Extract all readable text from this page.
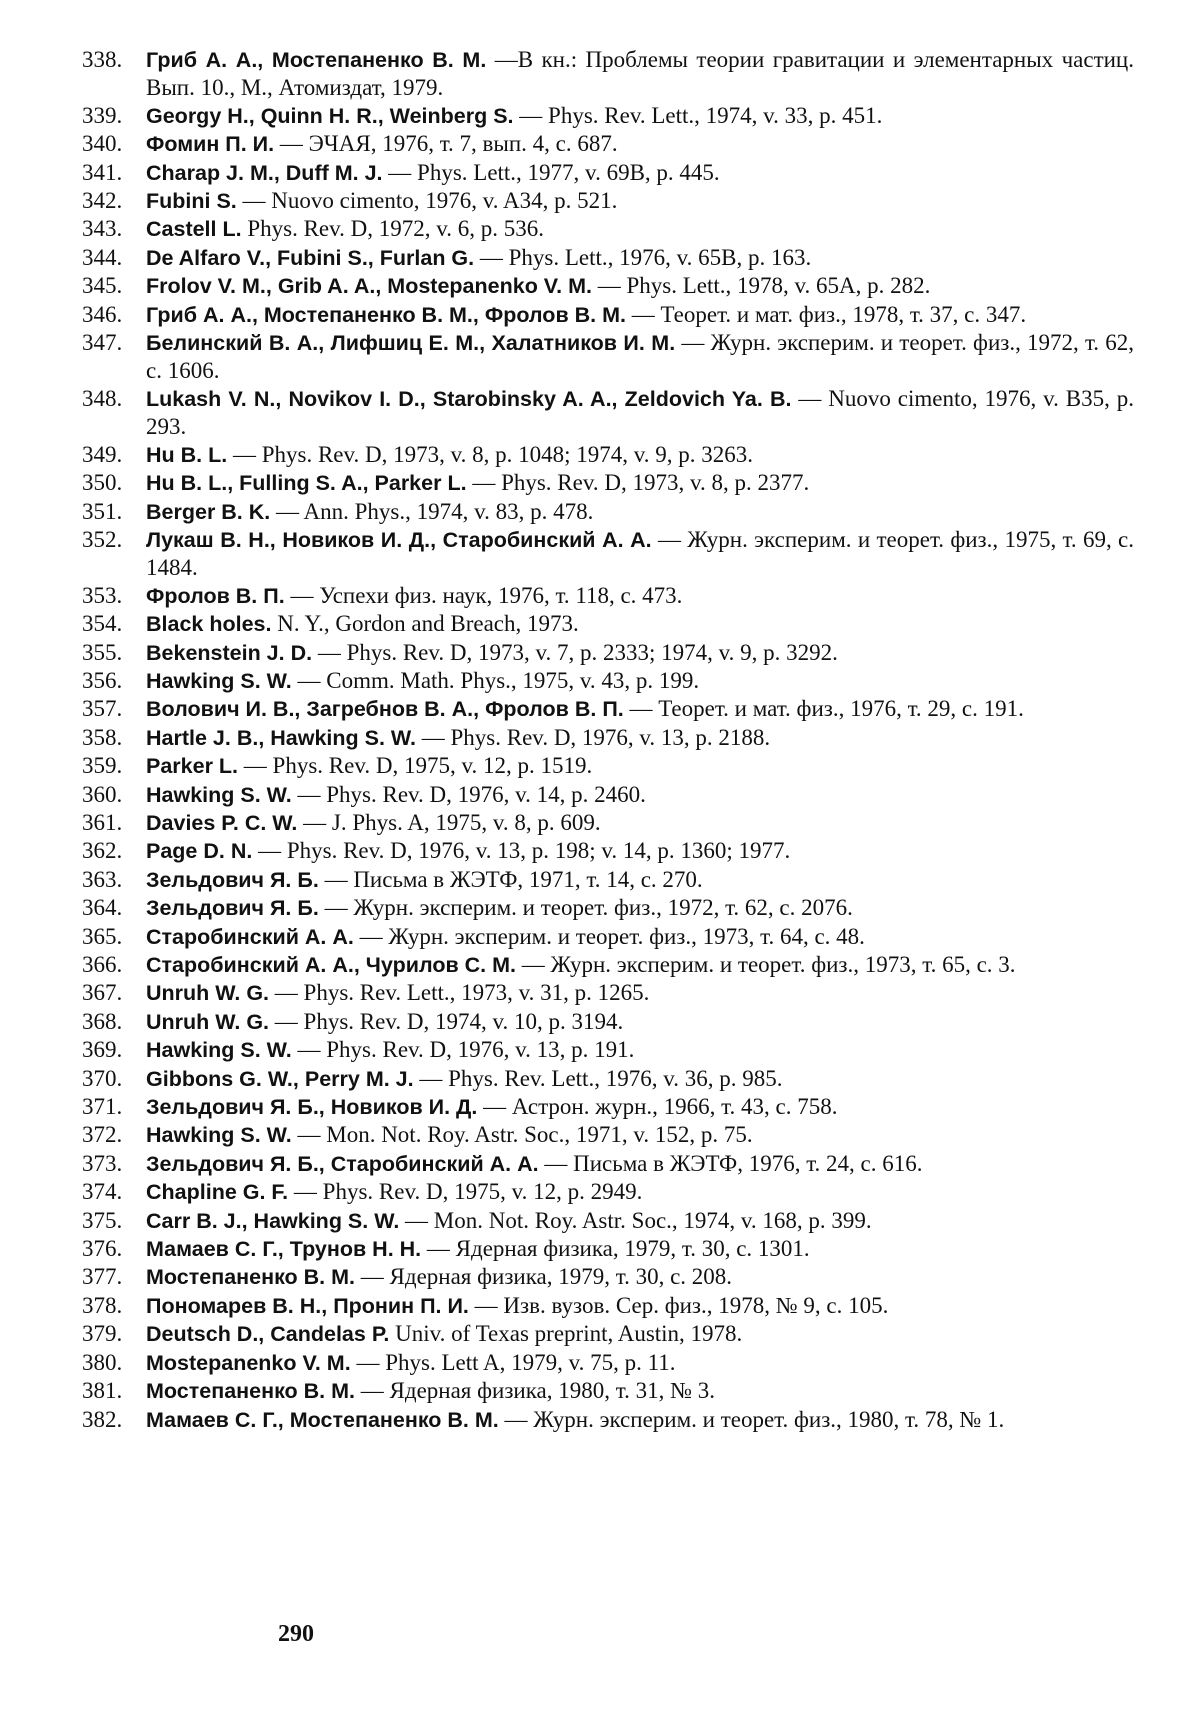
338.	Гриб А. А., Мостепаненко В. М. —В кн.: Проблемы теории гравитации и элементарных частиц. Вып. 10., М., Атомиздат, 1979.
339.	Georgy H., Quinn H. R., Weinberg S. — Phys. Rev. Lett., 1974, v. 33, p. 451.
340.	Фомин П. И. — ЭЧАЯ, 1976, т. 7, вып. 4, с. 687.
341.	Charap J. M., Duff M. J. — Phys. Lett., 1977, v. 69B, p. 445.
342.	Fubini S. — Nuovo cimento, 1976, v. A34, p. 521.
343.	Castell L. Phys. Rev. D, 1972, v. 6, p. 536.
344.	De Alfaro V., Fubini S., Furlan G. — Phys. Lett., 1976, v. 65B, p. 163.
345.	Frolov V. M., Grib A. A., Mostepanenko V. M. — Phys. Lett., 1978, v. 65A, p. 282.
346.	Гриб А. А., Мостепаненко В. М., Фролов В. М. — Теорет. и мат. физ., 1978, т. 37, с. 347.
347.	Белинский В. А., Лифшиц Е. М., Халатников И. М. — Журн. эксперим. и теорет. физ., 1972, т. 62, с. 1606.
348.	Lukash V. N., Novikov I. D., Starobinsky A. A., Zeldovich Ya. B. — Nuovo cimento, 1976, v. B35, p. 293.
349.	Hu B. L. — Phys. Rev. D, 1973, v. 8, p. 1048; 1974, v. 9, p. 3263.
350.	Hu B. L., Fulling S. A., Parker L. — Phys. Rev. D, 1973, v. 8, p. 2377.
351.	Berger B. K. — Ann. Phys., 1974, v. 83, p. 478.
352.	Лукаш В. Н., Новиков И. Д., Старобинский А. А. — Журн. эксперим. и теорет. физ., 1975, т. 69, с. 1484.
353.	Фролов В. П. — Успехи физ. наук, 1976, т. 118, с. 473.
354.	Black holes. N. Y., Gordon and Breach, 1973.
355.	Bekenstein J. D. — Phys. Rev. D, 1973, v. 7, p. 2333; 1974, v. 9, p. 3292.
356.	Hawking S. W. — Comm. Math. Phys., 1975, v. 43, p. 199.
357.	Волович И. В., Загребнов В. А., Фролов В. П. — Теорет. и мат. физ., 1976, т. 29, с. 191.
358.	Hartle J. B., Hawking S. W. — Phys. Rev. D, 1976, v. 13, p. 2188.
359.	Parker L. — Phys. Rev. D, 1975, v. 12, p. 1519.
360.	Hawking S. W. — Phys. Rev. D, 1976, v. 14, p. 2460.
361.	Davies P. C. W. — J. Phys. A, 1975, v. 8, p. 609.
362.	Page D. N. — Phys. Rev. D, 1976, v. 13, p. 198; v. 14, p. 1360; 1977.
363.	Зельдович Я. Б. — Письма в ЖЭТФ, 1971, т. 14, с. 270.
364.	Зельдович Я. Б. — Журн. эксперим. и теорет. физ., 1972, т. 62, с. 2076.
365.	Старобинский А. А. — Журн. эксперим. и теорет. физ., 1973, т. 64, с. 48.
366.	Старобинский А. А., Чурилов С. М. — Журн. эксперим. и теорет. физ., 1973, т. 65, с. 3.
367.	Unruh W. G. — Phys. Rev. Lett., 1973, v. 31, p. 1265.
368.	Unruh W. G. — Phys. Rev. D, 1974, v. 10, p. 3194.
369.	Hawking S. W. — Phys. Rev. D, 1976, v. 13, p. 191.
370.	Gibbons G. W., Perry M. J. — Phys. Rev. Lett., 1976, v. 36, p. 985.
371.	Зельдович Я. Б., Новиков И. Д. — Астрон. журн., 1966, т. 43, с. 758.
372.	Hawking S. W. — Mon. Not. Roy. Astr. Soc., 1971, v. 152, p. 75.
373.	Зельдович Я. Б., Старобинский А. А. — Письма в ЖЭТФ, 1976, т. 24, с. 616.
374.	Chapline G. F. — Phys. Rev. D, 1975, v. 12, p. 2949.
375.	Carr B. J., Hawking S. W. — Mon. Not. Roy. Astr. Soc., 1974, v. 168, p. 399.
376.	Мамаев С. Г., Трунов Н. Н. — Ядерная физика, 1979, т. 30, с. 1301.
377.	Мостепаненко В. М. — Ядерная физика, 1979, т. 30, с. 208.
378.	Пономарев В. Н., Пронин П. И. — Изв. вузов. Сер. физ., 1978, № 9, с. 105.
379.	Deutsch D., Candelas P. Univ. of Texas preprint, Austin, 1978.
380.	Mostepanenko V. M. — Phys. Lett A, 1979, v. 75, p. 11.
381.	Мостепаненко В. М. — Ядерная физика, 1980, т. 31, № 3.
382.	Мамаев С. Г., Мостепаненко В. М. — Журн. эксперим. и теорет. физ., 1980, т. 78, № 1.
290
